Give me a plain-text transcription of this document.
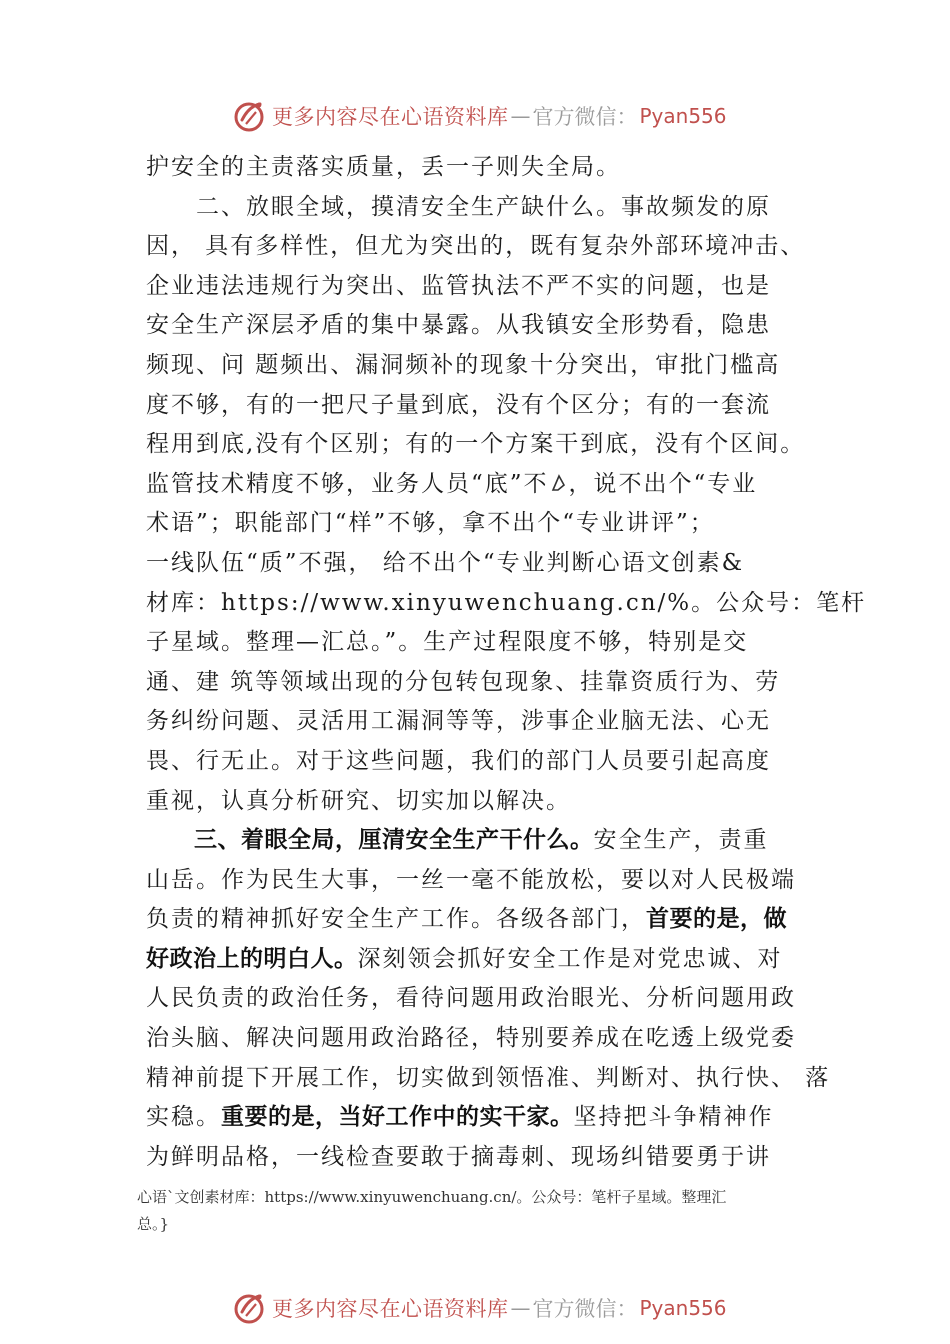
更多内容尽在心语资料库 — 官方微信： Pyan556
护安全的主责落实质量，丢一子则失全局。
　　二、放眼全域，摸清安全生产缺什么。事故频发的原
因， 具有多样性，但尤为突出的，既有复杂外部环境冲击、
企业违法违规行为突出、监管执法不严不实的问题，也是
安全生产深层矛盾的集中暴露。从我镇安全形势看，隐患
频现、问 题频出、漏洞频补的现象十分突出，审批门槛高
度不够，有的一把尺子量到底，没有个区分；有的一套流
程用到底,没有个区别；有的一个方案干到底，没有个区间。
监管技术精度不够，业务人员“底”不 ，说不出个“专业
术语”；职能部门“样”不够，拿不出个“专业讲评”；
一线队伍“质”不强， 给不出个“专业判断心语文创素&
材库：https://www.xinyuwenchuang.cn/%。公众号：笔杆
子星域。整理—汇总。”。生产过程限度不够，特别是交
通、建 筑等领域出现的分包转包现象、挂靠资质行为、劳
务纠纷问题、灵活用工漏洞等等，涉事企业脑无法、心无
畏、行无止。对于这些问题，我们的部门人员要引起高度
重视，认真分析研究、切实加以解决。
三、着眼全局，厘清安全生产干什么。安全生产，责重
山岳。作为民生大事，一丝一毫不能放松，要以对人民极端
负责的精神抓好安全生产工作。各级各部门，首要的是，做
好政治上的明白人。深刻领会抓好安全工作是对党忠诚、对
人民负责的政治任务，看待问题用政治眼光、分析问题用政
治头脑、解决问题用政治路径，特别要养成在吃透上级党委
精神前提下开展工作，切实做到领悟准、判断对、执行快、 落
实稳。重要的是，当好工作中的实干家。坚持把斗争精神作
为鲜明品格，一线检查要敢于摘毒刺、现场纠错要勇于讲
心语`文创素材库：https://www.xinyuwenchuang.cn/。公众号：笔杆子星域。整理汇
总。}
更多内容尽在心语资料库 — 官方微信： Pyan556
